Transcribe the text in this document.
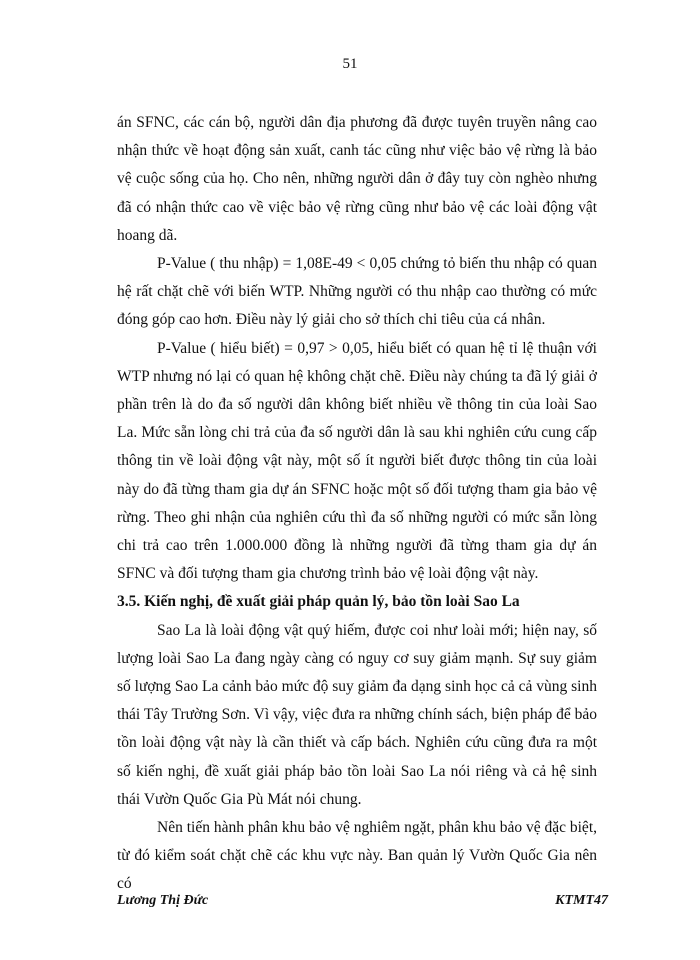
51

án SFNC, các cán bộ, người dân địa phương đã được tuyên truyền nâng cao nhận thức về hoạt động sản xuất, canh tác cũng như việc bảo vệ rừng là bảo vệ cuộc sống của họ. Cho nên, những người dân ở đây tuy còn nghèo nhưng đã có nhận thức cao về việc bảo vệ rừng cũng như bảo vệ các loài động vật hoang dã.

P-Value ( thu nhập) = 1,08E-49 < 0,05 chứng tỏ biến thu nhập có quan hệ rất chặt chẽ với biến WTP. Những người có thu nhập cao thường có mức đóng góp cao hơn. Điều này lý giải cho sở thích chi tiêu của cá nhân.

P-Value ( hiểu biết) = 0,97 > 0,05, hiểu biết có quan hệ tỉ lệ thuận với WTP nhưng nó lại có quan hệ không chặt chẽ. Điều này chúng ta đã lý giải ở phần trên là do đa số người dân không biết nhiều về thông tin của loài Sao La. Mức sẵn lòng chi trả của đa số người dân là sau khi nghiên cứu cung cấp thông tin về loài động vật này, một số ít người biết được thông tin của loài này do đã từng tham gia dự án SFNC hoặc một số đối tượng tham gia bảo vệ rừng. Theo ghi nhận của nghiên cứu thì đa số những người có mức sẵn lòng chi trả cao trên 1.000.000 đồng là những người đã từng tham gia dự án SFNC và đối tượng tham gia chương trình bảo vệ loài động vật này.

3.5. Kiến nghị, đề xuất giải pháp quản lý, bảo tồn loài Sao La

Sao La là loài động vật quý hiếm, được coi như loài mới; hiện nay, số lượng loài Sao La đang ngày càng có nguy cơ suy giảm mạnh. Sự suy giảm số lượng Sao La cảnh bảo mức độ suy giảm đa dạng sinh học cả cả vùng sinh thái Tây Trường Sơn. Vì vậy, việc đưa ra những chính sách, biện pháp để bảo tồn loài động vật này là cần thiết và cấp bách. Nghiên cứu cũng đưa ra một số kiến nghị, đề xuất giải pháp bảo tồn loài Sao La nói riêng và cả hệ sinh thái Vườn Quốc Gia Pù Mát nói chung.

Nên tiến hành phân khu bảo vệ nghiêm ngặt, phân khu bảo vệ đặc biệt, từ đó kiểm soát chặt chẽ các khu vực này. Ban quản lý Vườn Quốc Gia nên có

Lương Thị Đức	KTMT47
